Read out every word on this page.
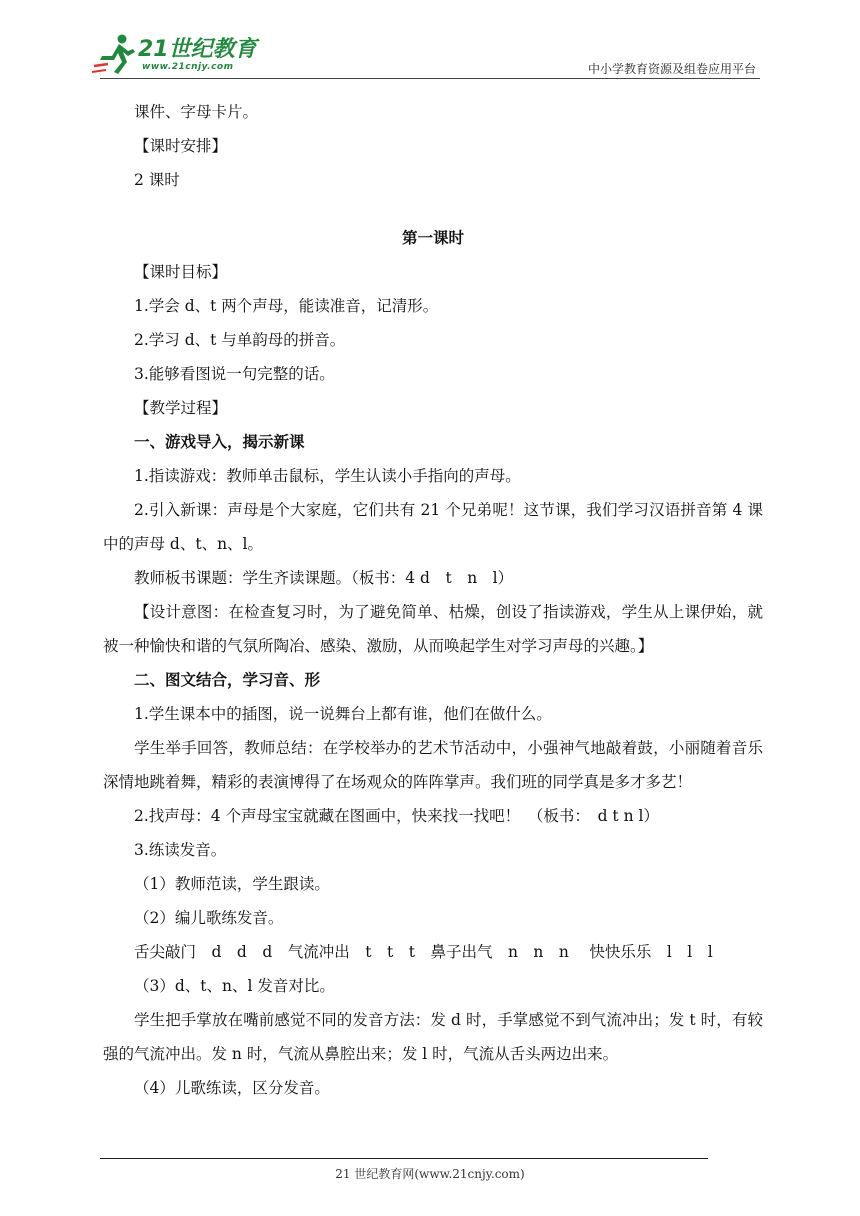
21世纪教育
www.21cnjy.com	中小学教育资源及组卷应用平台

课件、字母卡片。

【课时安排】

2 课时

第一课时

【课时目标】

1.学会 d、t 两个声母，能读准音，记清形。

2.学习 d、t 与单韵母的拼音。

3.能够看图说一句完整的话。

【教学过程】

一、游戏导入，揭示新课

1.指读游戏：教师单击鼠标，学生认读小手指向的声母。

2.引入新课：声母是个大家庭，它们共有 21 个兄弟呢！这节课，我们学习汉语拼音第 4 课中的声母 d、t、n、l。

教师板书课题：学生齐读课题。（板书：4 d　t　n　l）

【设计意图：在检查复习时，为了避免简单、枯燥，创设了指读游戏，学生从上课伊始，就被一种愉快和谐的气氛所陶冶、感染、激励，从而唤起学生对学习声母的兴趣。】

二、图文结合，学习音、形

1.学生课本中的插图，说一说舞台上都有谁，他们在做什么。

学生举手回答，教师总结：在学校举办的艺术节活动中，小强神气地敲着鼓，小丽随着音乐深情地跳着舞，精彩的表演博得了在场观众的阵阵掌声。我们班的同学真是多才多艺！

2.找声母：4 个声母宝宝就藏在图画中，快来找一找吧！　（板书：　d t n l）

3.练读发音。

（1）教师范读，学生跟读。

（2）编儿歌练发音。

舌尖敲门　d　d　d　气流冲出　t　t　t　鼻子出气　n　n　n　 快快乐乐　l　l　l

（3）d、t、n、l 发音对比。

学生把手掌放在嘴前感觉不同的发音方法：发 d 时，手掌感觉不到气流冲出；发 t 时，有较强的气流冲出。发 n 时，气流从鼻腔出来；发 l 时，气流从舌头两边出来。

（4）儿歌练读，区分发音。

21 世纪教育网(www.21cnjy.com)
